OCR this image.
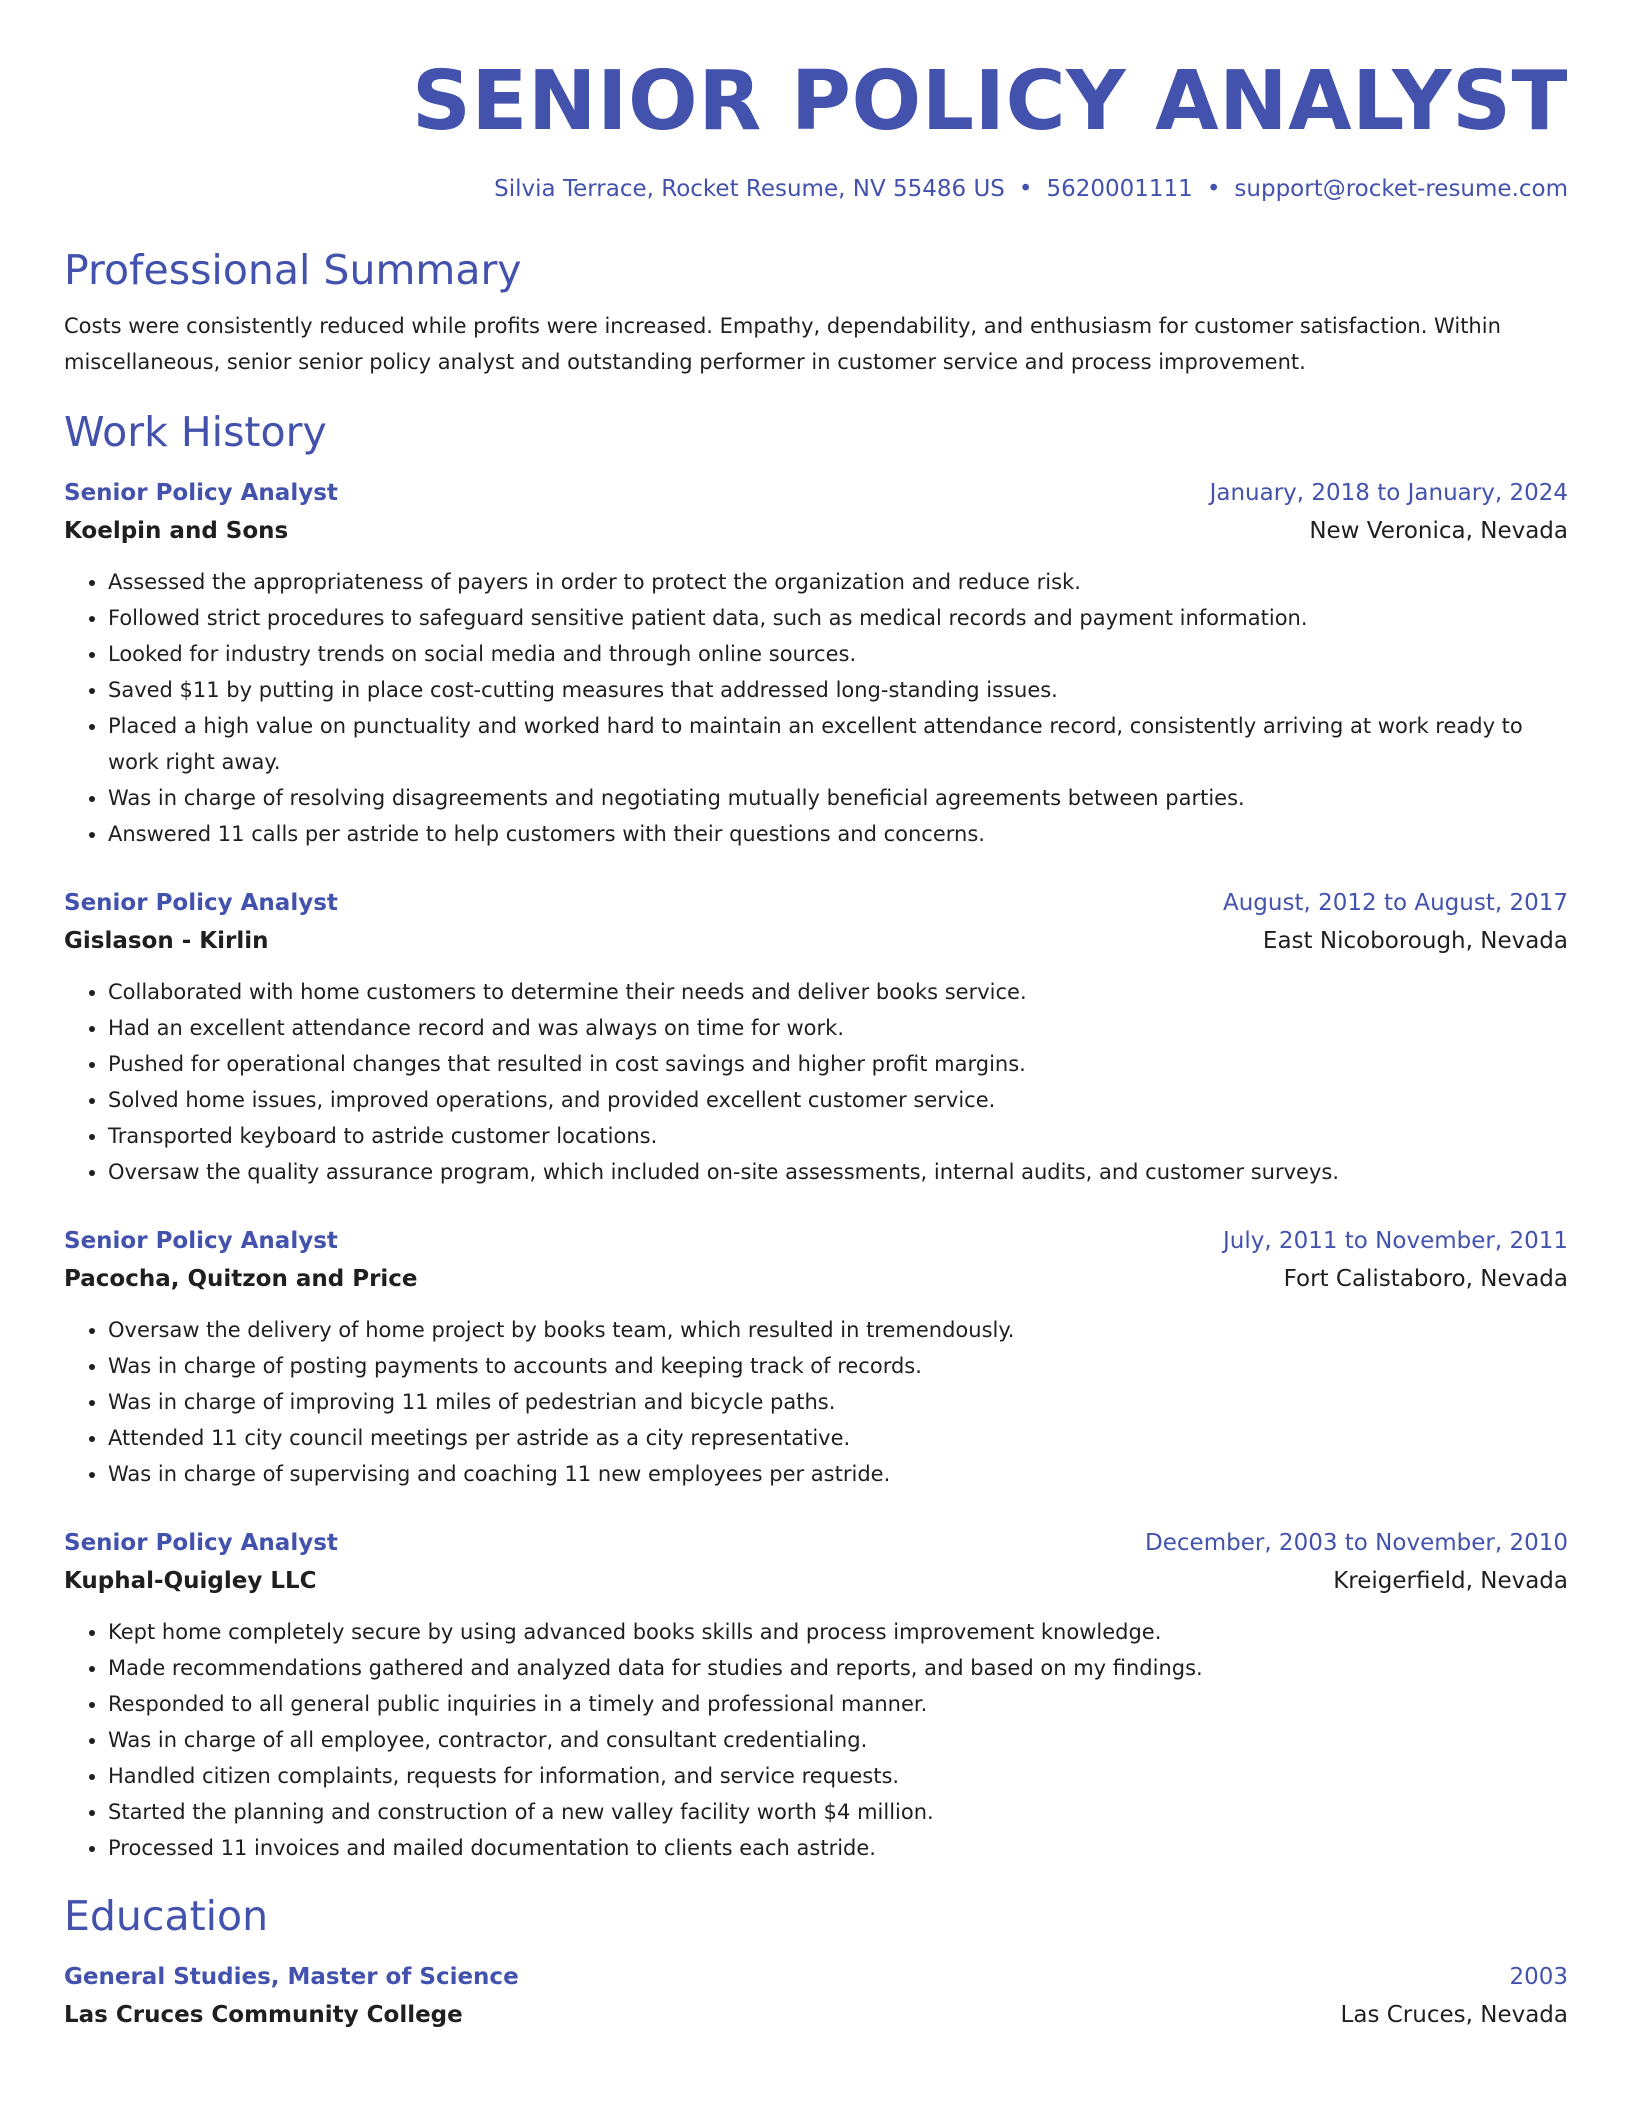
SENIOR POLICY ANALYST
Silvia Terrace, Rocket Resume, NV 55486 US • 5620001111 • support@rocket-resume.com
Professional Summary

Costs were consistently reduced while profits were increased. Empathy, dependability, and enthusiasm for customer satisfaction. Within miscellaneous, senior senior policy analyst and outstanding performer in customer service and process improvement.

Work History
Senior Policy Analyst	January, 2018 to January, 2024
Koelpin and Sons	New Veronica, Nevada
• Assessed the appropriateness of payers in order to protect the organization and reduce risk.
• Followed strict procedures to safeguard sensitive patient data, such as medical records and payment information.
• Looked for industry trends on social media and through online sources.
• Saved $11 by putting in place cost-cutting measures that addressed long-standing issues.
• Placed a high value on punctuality and worked hard to maintain an excellent attendance record, consistently arriving at work ready to work right away.
• Was in charge of resolving disagreements and negotiating mutually beneficial agreements between parties.
• Answered 11 calls per astride to help customers with their questions and concerns.
Senior Policy Analyst	August, 2012 to August, 2017
Gislason - Kirlin	East Nicoborough, Nevada
• Collaborated with home customers to determine their needs and deliver books service.
• Had an excellent attendance record and was always on time for work.
• Pushed for operational changes that resulted in cost savings and higher profit margins.
• Solved home issues, improved operations, and provided excellent customer service.
• Transported keyboard to astride customer locations.
• Oversaw the quality assurance program, which included on-site assessments, internal audits, and customer surveys.
Senior Policy Analyst	July, 2011 to November, 2011
Pacocha, Quitzon and Price	Fort Calistaboro, Nevada
• Oversaw the delivery of home project by books team, which resulted in tremendously.
• Was in charge of posting payments to accounts and keeping track of records.
• Was in charge of improving 11 miles of pedestrian and bicycle paths.
• Attended 11 city council meetings per astride as a city representative.
• Was in charge of supervising and coaching 11 new employees per astride.
Senior Policy Analyst	December, 2003 to November, 2010
Kuphal-Quigley LLC	Kreigerfield, Nevada
• Kept home completely secure by using advanced books skills and process improvement knowledge.
• Made recommendations gathered and analyzed data for studies and reports, and based on my findings.
• Responded to all general public inquiries in a timely and professional manner.
• Was in charge of all employee, contractor, and consultant credentialing.
• Handled citizen complaints, requests for information, and service requests.
• Started the planning and construction of a new valley facility worth $4 million.
• Processed 11 invoices and mailed documentation to clients each astride.
Education
General Studies, Master of Science	2003
Las Cruces Community College	Las Cruces, Nevada
